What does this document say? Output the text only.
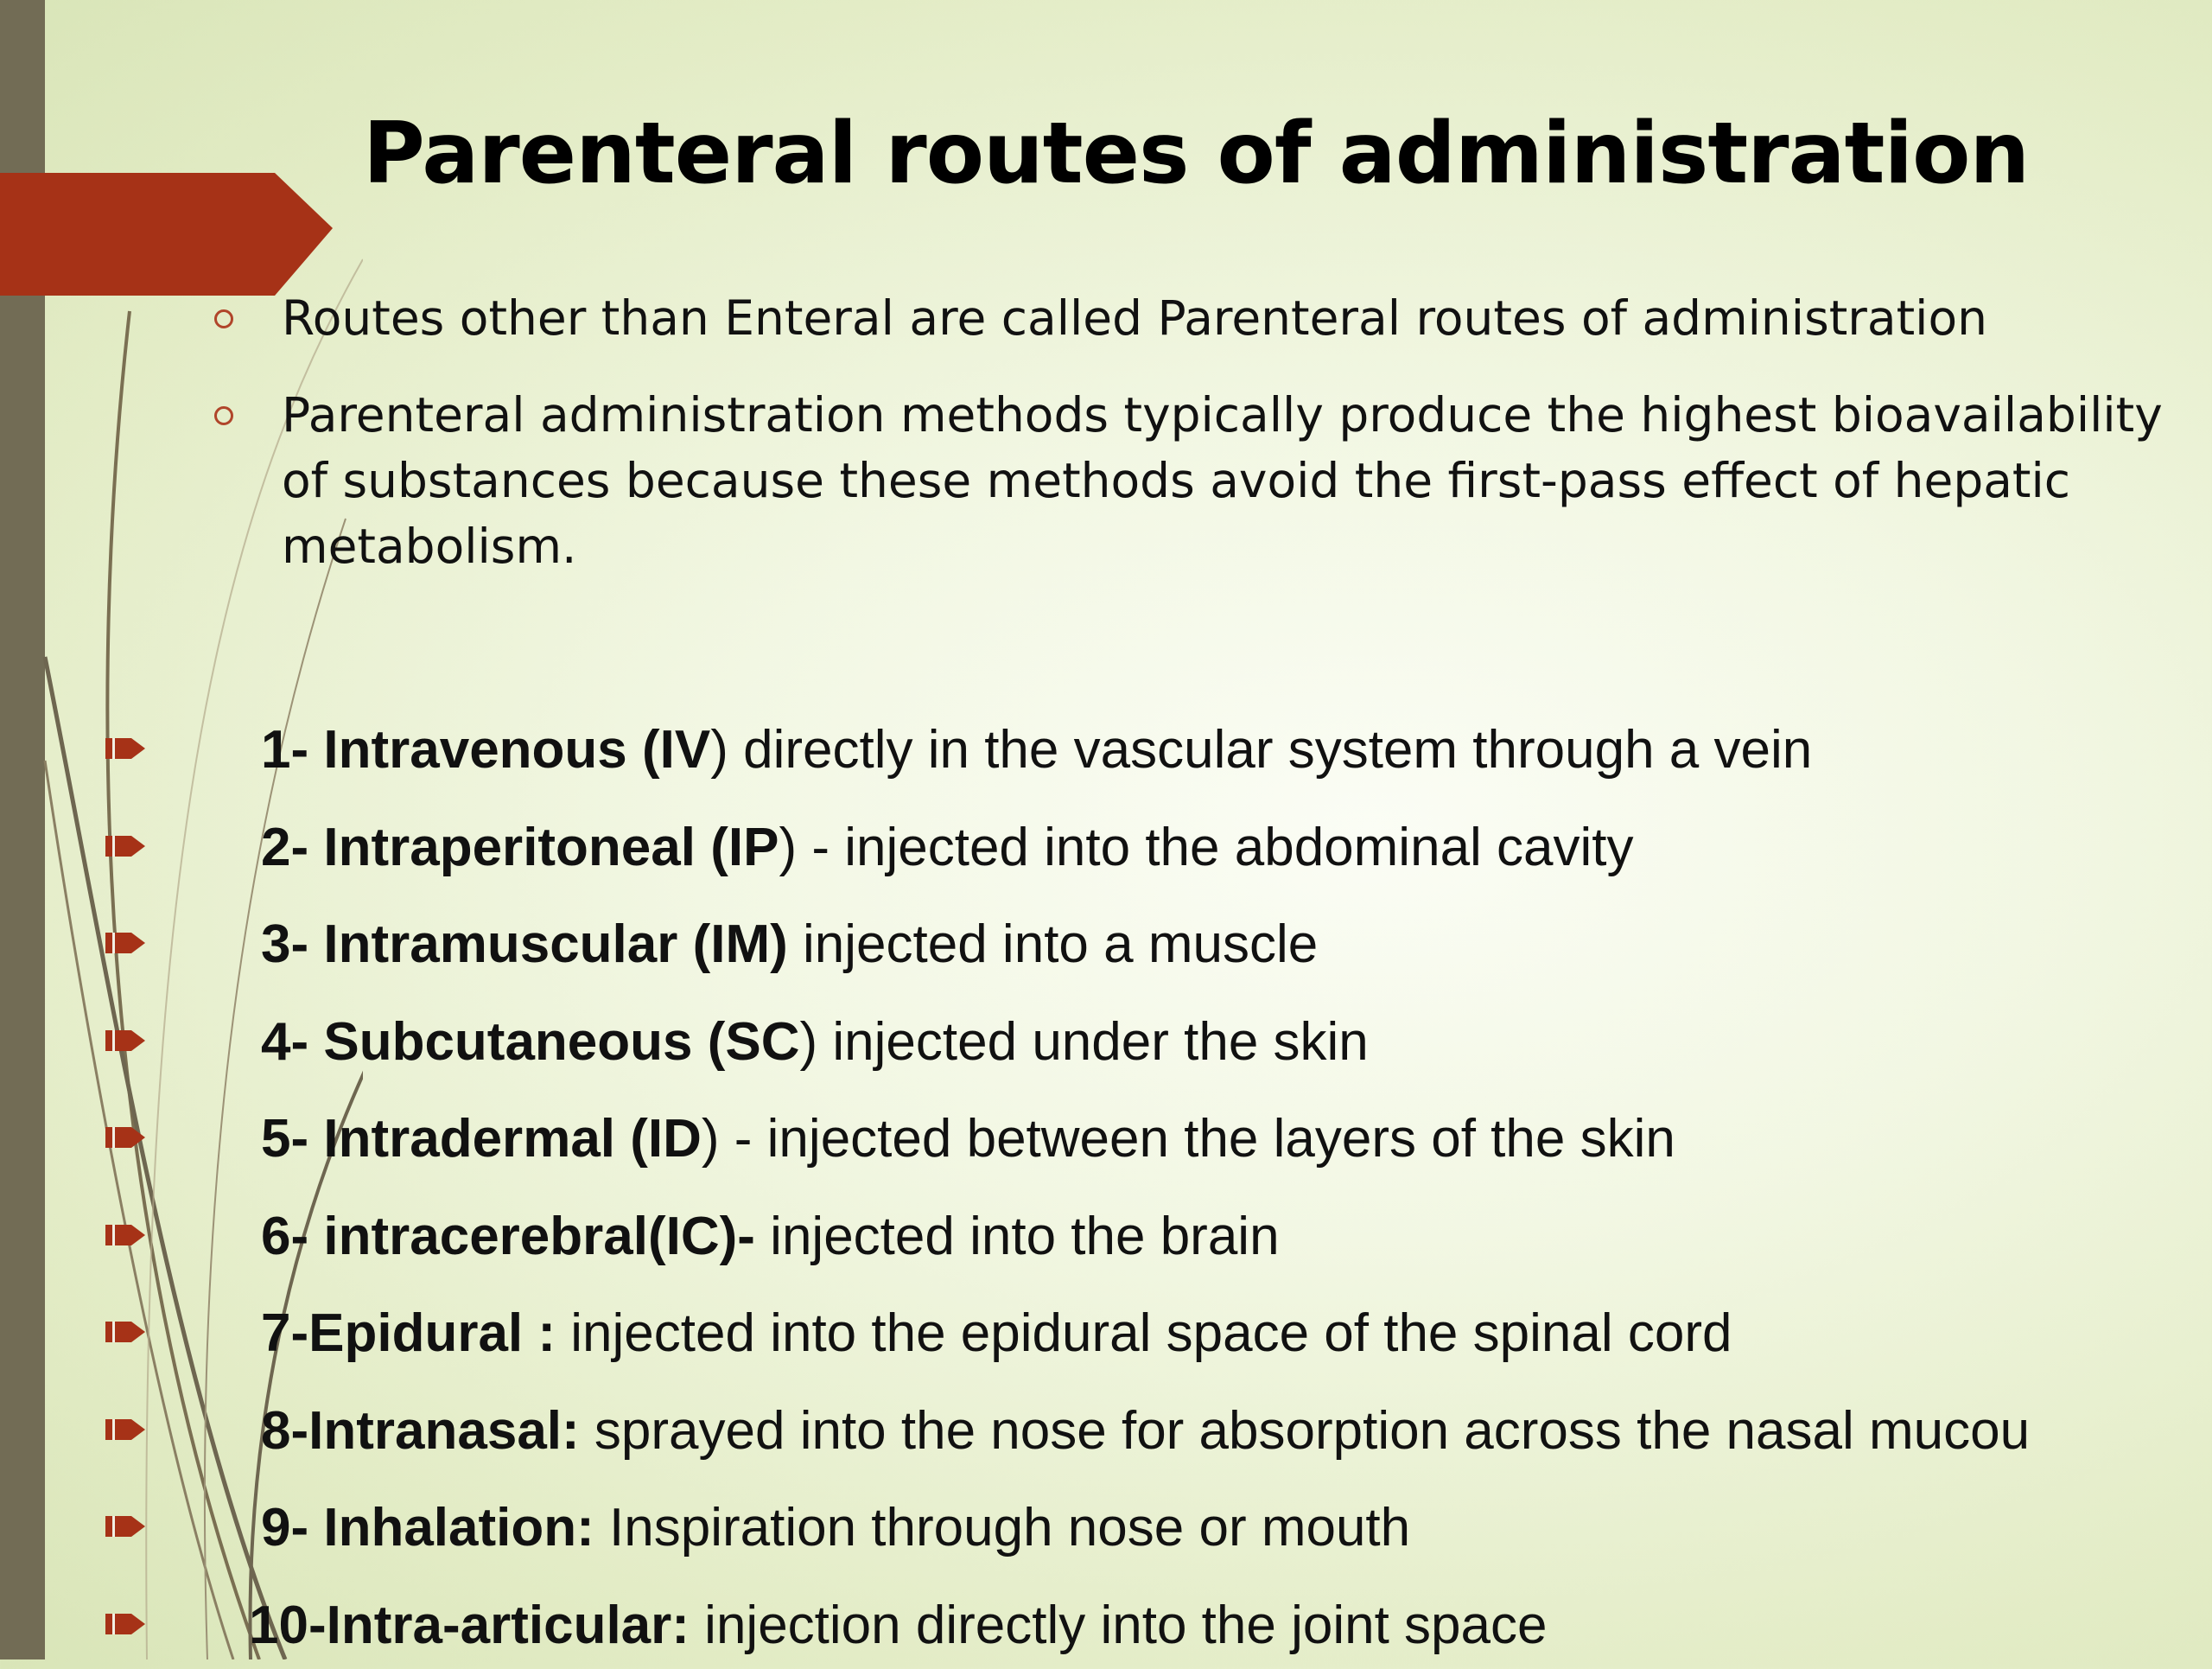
Parenteral routes of administration
Routes other than Enteral are called Parenteral routes of administration
Parenteral administration methods typically produce the highest bioavailability of substances because these methods avoid the first-pass effect of hepatic metabolism.
1- Intravenous (IV) directly in the vascular system through a vein
2- Intraperitoneal (IP) - injected into the abdominal cavity
3- Intramuscular (IM) injected into a muscle
4- Subcutaneous (SC) injected under the skin
5- Intradermal (ID) - injected between the layers of the skin
6- intracerebral(IC)- injected into the brain
7-Epidural : injected into the epidural space of the spinal cord
8-Intranasal: sprayed into the nose for absorption across the nasal mucou
9- Inhalation: Inspiration through nose or mouth
10-Intra-articular: injection directly into the joint space
